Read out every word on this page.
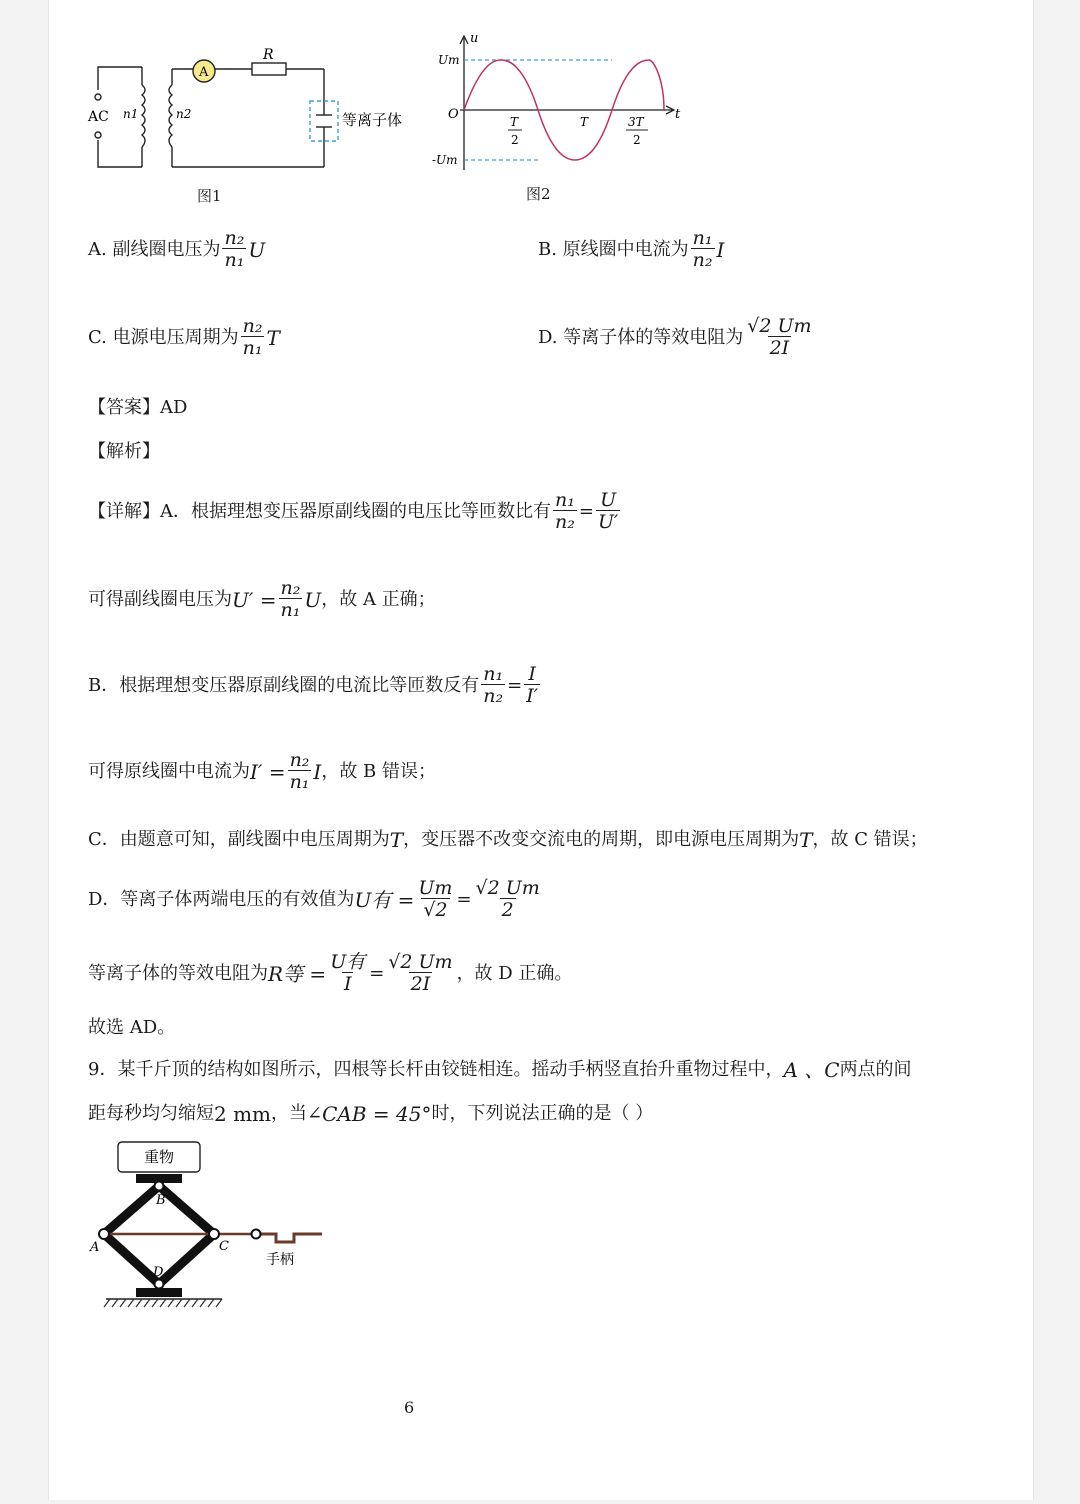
A
R
AC n1	n2	等离子体
图1
u
t
O
Um
-Um
T
2
T	3T
2
图2
A. 副线圈电压为 $\frac{\text{n₂}}{\text{n₁}}$ U	B. 原线圈中电流为 $\frac{\text{n₁}}{\text{n₂}}$ I
C. 电源电压周期为 $\frac{\text{n₂}}{\text{n₁}}$ T	D. 等离子体的等效电阻为 $\frac{√2 Um}{2I}$
【答案】AD
【解析】
【详解】A．根据理想变压器原副线圈的电压比等匝数比有 $\frac{\text{n₁}}{\text{n₂}} = \frac{U}{U'}$
可得副线圈电压为 $U' = \frac{\text{n₂}}{\text{n₁}}$ U ，故 A 正确；
B．根据理想变压器原副线圈的电流比等匝数反有 $\frac{\text{n₁}}{\text{n₂}} = \frac{I}{I'}$
可得原线圈中电流为 $I' = \frac{\text{n₂}}{\text{n₁}}$ I ，故 B 错误；
C．由题意可知，副线圈中电压周期为 T ，变压器不改变交流电的周期，即电源电压周期为 T ，故 C 错误；
D．等离子体两端电压的有效值为 U有 = $\frac{Um}{√2} = \frac{√2 Um}{2}$
等离子体的等效电阻为 R等 = $\frac{\text{U有}}{I} = \frac{√2 Um}{2I}$ ，故 D 正确。
故选 AD。
9．某千斤顶的结构如图所示，四根等长杆由铰链相连。摇动手柄竖直抬升重物过程中， A 、C 两点的间
距每秒均匀缩短 2 mm ，当∠ CAB = 45° 时，下列说法正确的是（ ）
重物
A
B
C
D
手柄
6
